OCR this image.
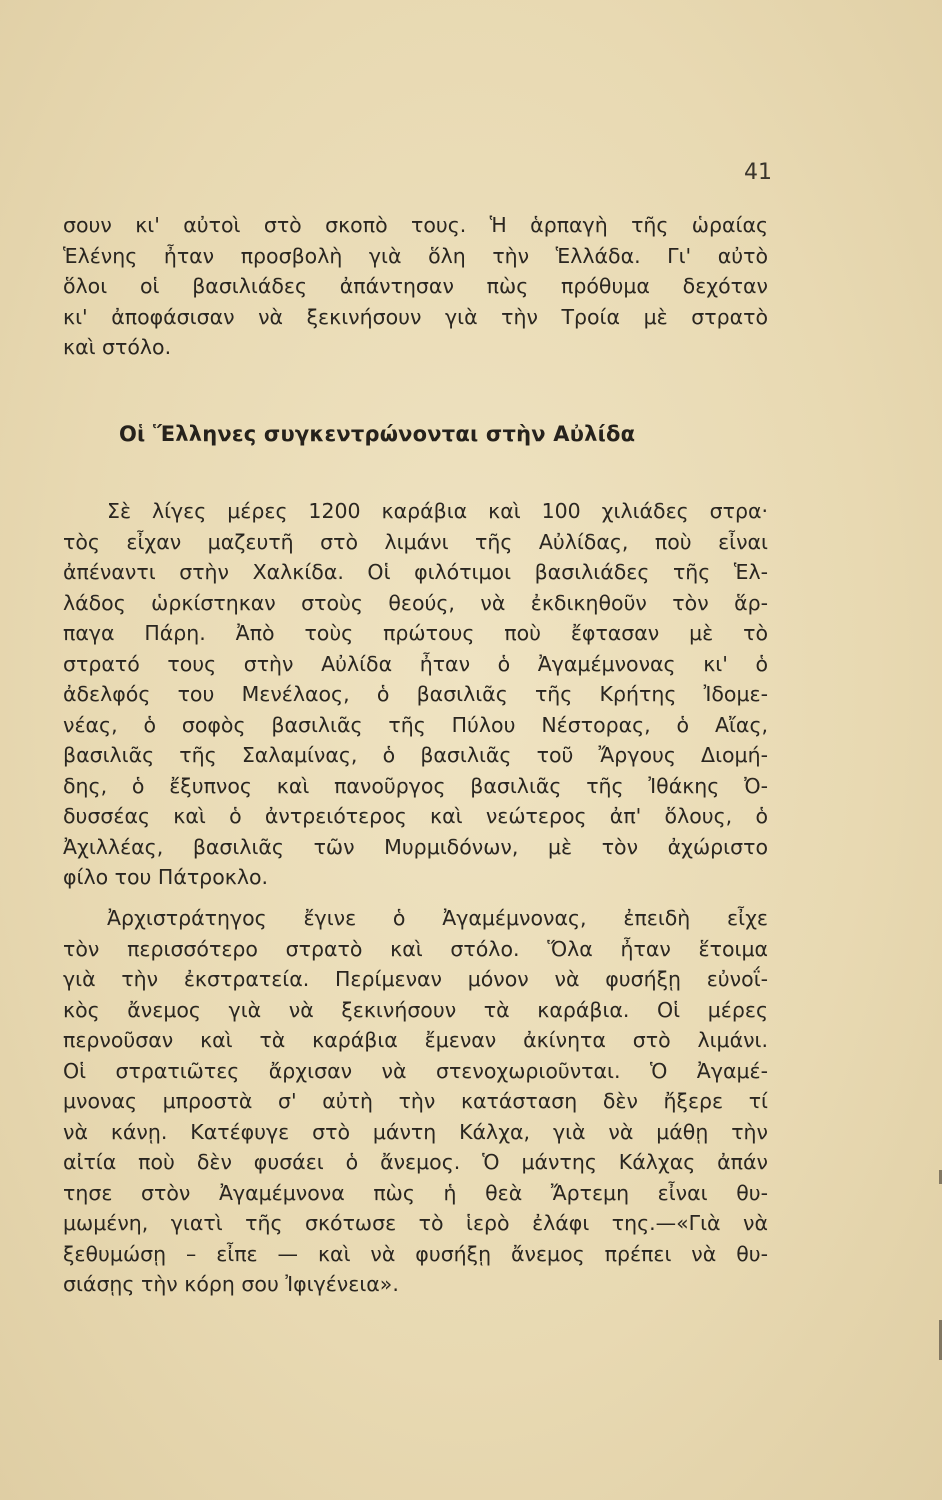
41
σουν κι' αὐτοὶ στὸ σκοπὸ τους. Ἡ ἁρπαγὴ τῆς ὡραίας
Ἑλένης ἦταν προσβολὴ γιὰ ὅλη τὴν Ἑλλάδα. Γι' αὐτὸ
ὅλοι οἱ βασιλιάδες ἀπάντησαν πὼς πρόθυμα δεχόταν
κι' ἀποφάσισαν νὰ ξεκινήσουν γιὰ τὴν Τροία μὲ στρατὸ
καὶ στόλο.
Οἱ Ἕλληνες συγκεντρώνονται στὴν Αὐλίδα
Σὲ λίγες μέρες 1200 καράβια καὶ 100 χιλιάδες στρα·
τὸς εἶχαν μαζευτῆ στὸ λιμάνι τῆς Αὐλίδας, ποὺ εἶναι
ἀπέναντι στὴν Χαλκίδα. Οἱ φιλότιμοι βασιλιάδες τῆς Ἑλ-
λάδος ὡρκίστηκαν στοὺς θεούς, νὰ ἐκδικηθοῦν τὸν ἅρ-
παγα Πάρη. Ἀπὸ τοὺς πρώτους ποὺ ἔφτασαν μὲ τὸ
στρατό τους στὴν Αὐλίδα ἦταν ὁ Ἀγαμέμνονας κι' ὁ
ἀδελφός του Μενέλαος, ὁ βασιλιᾶς τῆς Κρήτης Ἰδομε-
νέας, ὁ σοφὸς βασιλιᾶς τῆς Πύλου Νέστορας, ὁ Αἴας,
βασιλιᾶς τῆς Σαλαμίνας, ὁ βασιλιᾶς τοῦ Ἄργους Διομή-
δης, ὁ ἔξυπνος καὶ πανοῦργος βασιλιᾶς τῆς Ἰθάκης Ὀ-
δυσσέας καὶ ὁ ἀντρειότερος καὶ νεώτερος ἀπ' ὅλους, ὁ
Ἀχιλλέας, βασιλιᾶς τῶν Μυρμιδόνων, μὲ τὸν ἀχώριστο
φίλο του Πάτροκλο.
Ἀρχιστράτηγος ἔγινε ὁ Ἀγαμέμνονας, ἐπειδὴ εἶχε
τὸν περισσότερο στρατὸ καὶ στόλο. Ὅλα ἦταν ἕτοιμα
γιὰ τὴν ἐκστρατεία. Περίμεναν μόνον νὰ φυσήξῃ εὐνοΐ-
κὸς ἄνεμος γιὰ νὰ ξεκινήσουν τὰ καράβια. Οἱ μέρες
περνοῦσαν καὶ τὰ καράβια ἔμεναν ἀκίνητα στὸ λιμάνι.
Οἱ στρατιῶτες ἄρχισαν νὰ στενοχωριοῦνται. Ὁ Ἀγαμέ-
μνονας μπροστὰ σ' αὐτὴ τὴν κατάσταση δὲν ἤξερε τί
νὰ κάνῃ. Κατέφυγε στὸ μάντη Κάλχα, γιὰ νὰ μάθῃ τὴν
αἰτία ποὺ δὲν φυσάει ὁ ἄνεμος. Ὁ μάντης Κάλχας ἀπάν
τησε στὸν Ἀγαμέμνονα πὼς ἡ θεὰ Ἄρτεμη εἶναι θυ-
μωμένη, γιατὶ τῆς σκότωσε τὸ ἱερὸ ἐλάφι της.—«Γιὰ νὰ
ξεθυμώσῃ – εἶπε — καὶ νὰ φυσήξῃ ἄνεμος πρέπει νὰ θυ-
σιάσῃς τὴν κόρη σου Ἰφιγένεια».
